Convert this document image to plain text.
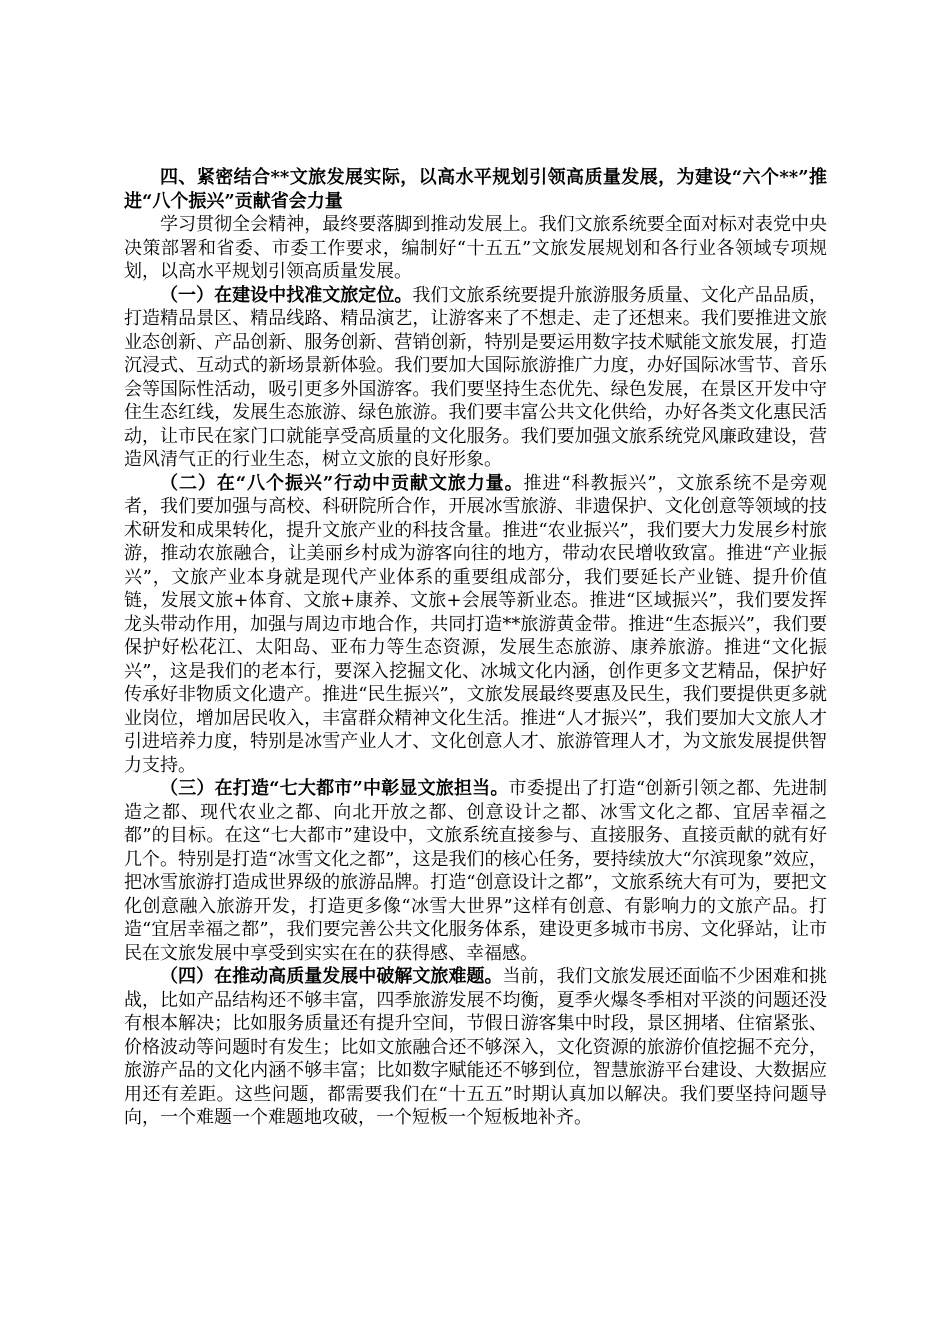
四、紧密结合**文旅发展实际，以高水平规划引领高质量发展，为建设“六个**”推进“八个振兴”贡献省会力量

学习贯彻全会精神，最终要落脚到推动发展上。我们文旅系统要全面对标对表党中央决策部署和省委、市委工作要求，编制好“十五五”文旅发展规划和各行业各领域专项规划，以高水平规划引领高质量发展。

（一）在建设中找准文旅定位。我们文旅系统要提升旅游服务质量、文化产品品质，打造精品景区、精品线路、精品演艺，让游客来了不想走、走了还想来。我们要推进文旅业态创新、产品创新、服务创新、营销创新，特别是要运用数字技术赋能文旅发展，打造沉浸式、互动式的新场景新体验。我们要加大国际旅游推广力度，办好国际冰雪节、音乐会等国际性活动，吸引更多外国游客。我们要坚持生态优先、绿色发展，在景区开发中守住生态红线，发展生态旅游、绿色旅游。我们要丰富公共文化供给，办好各类文化惠民活动，让市民在家门口就能享受高质量的文化服务。我们要加强文旅系统党风廉政建设，营造风清气正的行业生态，树立文旅的良好形象。

（二）在“八个振兴”行动中贡献文旅力量。推进“科教振兴”，文旅系统不是旁观者，我们要加强与高校、科研院所合作，开展冰雪旅游、非遗保护、文化创意等领域的技术研发和成果转化，提升文旅产业的科技含量。推进“农业振兴”，我们要大力发展乡村旅游，推动农旅融合，让美丽乡村成为游客向往的地方，带动农民增收致富。推进“产业振兴”，文旅产业本身就是现代产业体系的重要组成部分，我们要延长产业链、提升价值链，发展文旅+体育、文旅+康养、文旅+会展等新业态。推进“区域振兴”，我们要发挥龙头带动作用，加强与周边市地合作，共同打造**旅游黄金带。推进“生态振兴”，我们要保护好松花江、太阳岛、亚布力等生态资源，发展生态旅游、康养旅游。推进“文化振兴”，这是我们的老本行，要深入挖掘文化、冰城文化内涵，创作更多文艺精品，保护好传承好非物质文化遗产。推进“民生振兴”，文旅发展最终要惠及民生，我们要提供更多就业岗位，增加居民收入，丰富群众精神文化生活。推进“人才振兴”，我们要加大文旅人才引进培养力度，特别是冰雪产业人才、文化创意人才、旅游管理人才，为文旅发展提供智力支持。

（三）在打造“七大都市”中彰显文旅担当。市委提出了打造“创新引领之都、先进制造之都、现代农业之都、向北开放之都、创意设计之都、冰雪文化之都、宜居幸福之都”的目标。在这“七大都市”建设中，文旅系统直接参与、直接服务、直接贡献的就有好几个。特别是打造“冰雪文化之都”，这是我们的核心任务，要持续放大“尔滨现象”效应，把冰雪旅游打造成世界级的旅游品牌。打造“创意设计之都”，文旅系统大有可为，要把文化创意融入旅游开发，打造更多像“冰雪大世界”这样有创意、有影响力的文旅产品。打造“宜居幸福之都”，我们要完善公共文化服务体系，建设更多城市书房、文化驿站，让市民在文旅发展中享受到实实在在的获得感、幸福感。

（四）在推动高质量发展中破解文旅难题。当前，我们文旅发展还面临不少困难和挑战，比如产品结构还不够丰富，四季旅游发展不均衡，夏季火爆冬季相对平淡的问题还没有根本解决；比如服务质量还有提升空间，节假日游客集中时段，景区拥堵、住宿紧张、价格波动等问题时有发生；比如文旅融合还不够深入，文化资源的旅游价值挖掘不充分，旅游产品的文化内涵不够丰富；比如数字赋能还不够到位，智慧旅游平台建设、大数据应用还有差距。这些问题，都需要我们在“十五五”时期认真加以解决。我们要坚持问题导向，一个难题一个难题地攻破，一个短板一个短板地补齐。
